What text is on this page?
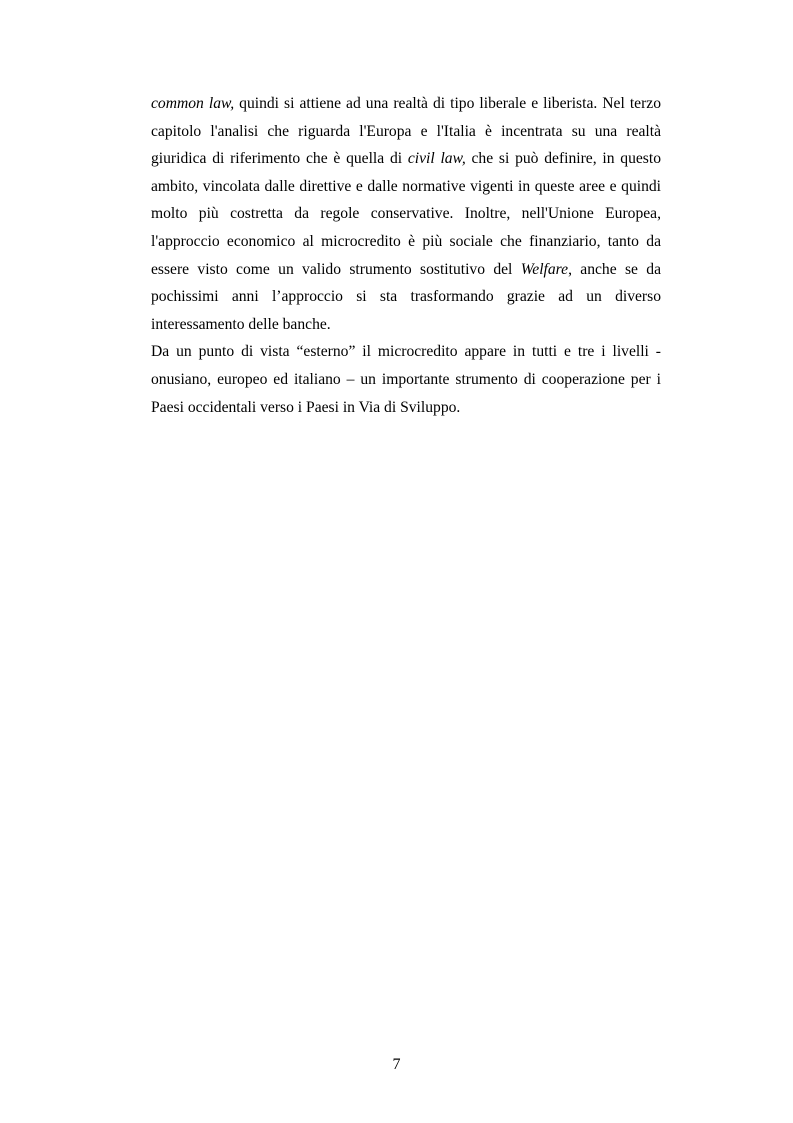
common law, quindi si attiene ad una realtà di tipo liberale e liberista. Nel terzo capitolo l'analisi che riguarda l'Europa e l'Italia è incentrata su una realtà giuridica di riferimento che è quella di civil law, che si può definire, in questo ambito, vincolata dalle direttive e dalle normative vigenti in queste aree e quindi molto più costretta da regole conservative. Inoltre, nell'Unione Europea, l'approccio economico al microcredito è più sociale che finanziario, tanto da essere visto come un valido strumento sostitutivo del Welfare, anche se da pochissimi anni l’approccio si sta trasformando grazie ad un diverso interessamento delle banche.

Da un punto di vista “esterno” il microcredito appare in tutti e tre i livelli - onusiano, europeo ed italiano – un importante strumento di cooperazione per i Paesi occidentali verso i Paesi in Via di Sviluppo.

7
